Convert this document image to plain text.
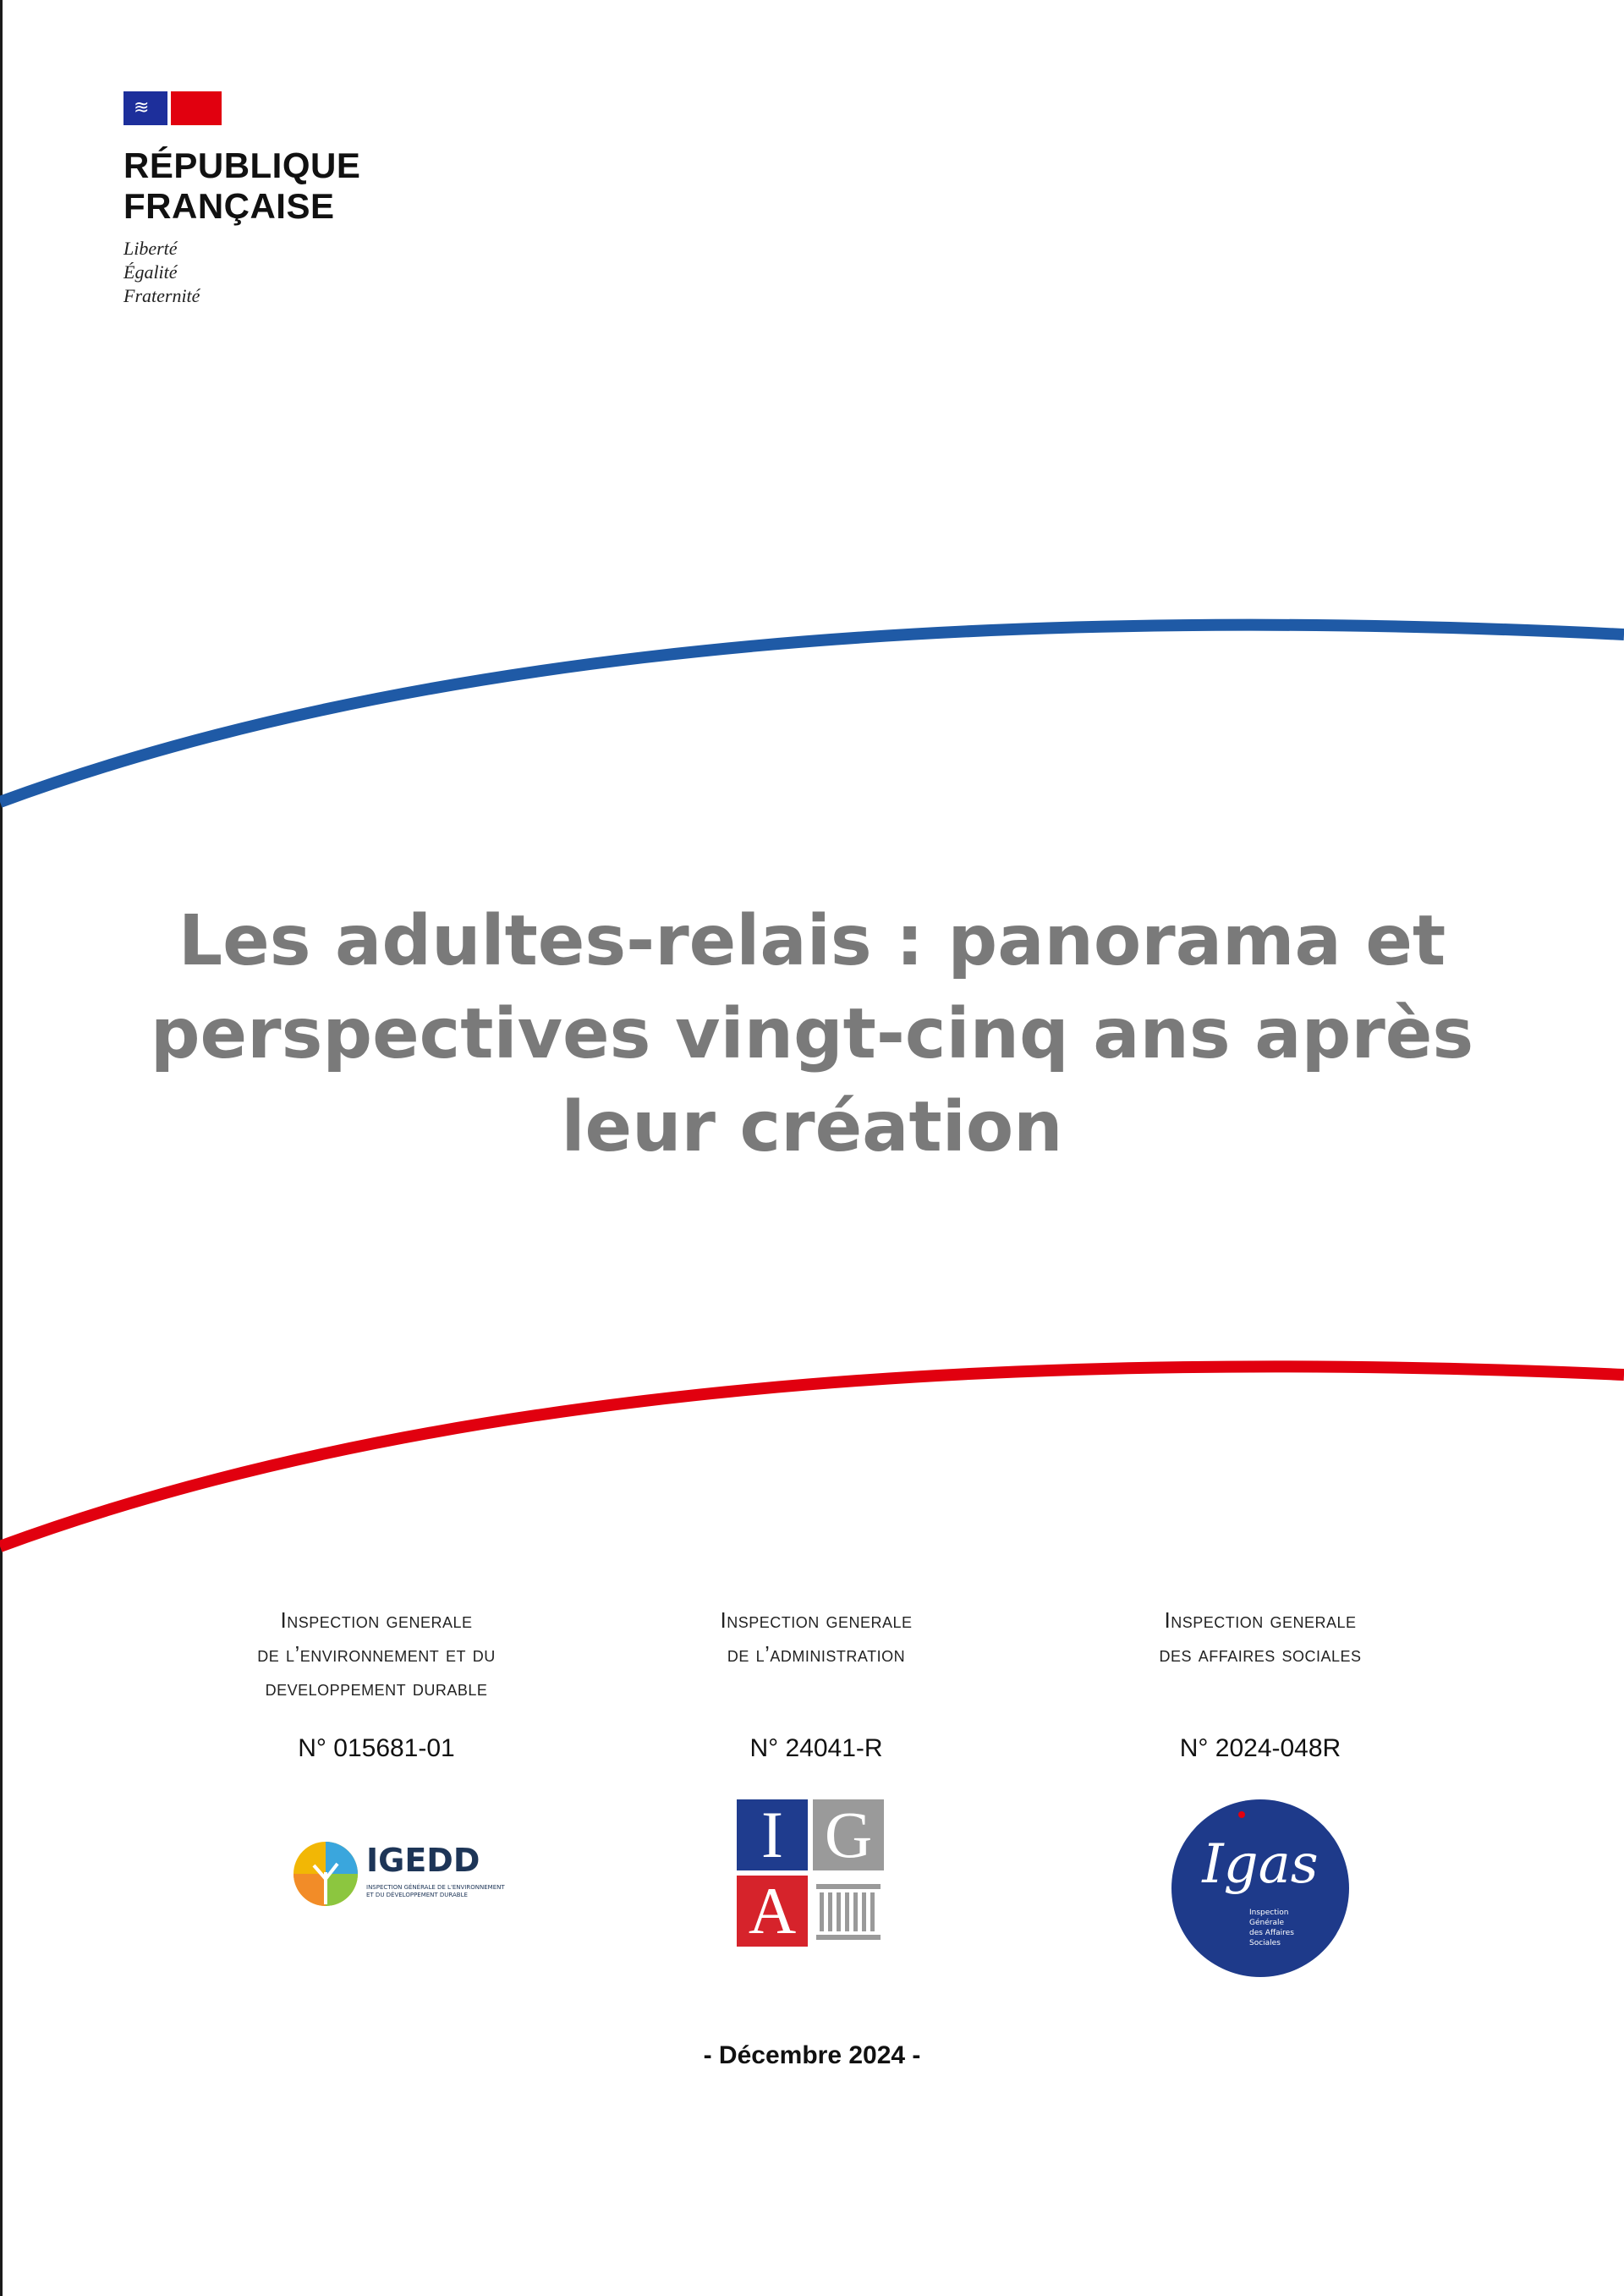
≋
RÉPUBLIQUE
FRANÇAISE
Liberté
Égalité
Fraternité
Les adultes-relais : panorama et
perspectives vingt-cinq ans après
leur création
Inspection generale
de l’environnement et du
developpement durable
N° 015681-01
IGEDD
INSPECTION GÉNÉRALE DE L'ENVIRONNEMENT ET DU DÉVELOPPEMENT DURABLE
Inspection generale
de l’administration
N° 24041-R
I G
A
Inspection generale
des affaires sociales
N° 2024-048R
Igas
Inspection
Générale
des Affaires
Sociales
- Décembre 2024 -
